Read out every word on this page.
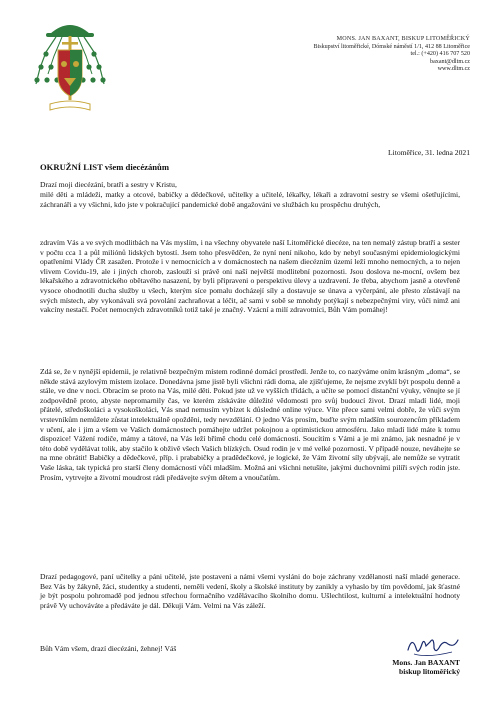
MONS. JAN BAXANT, BISKUP LITOMĚŘICKÝ
Biskupství litoměřické, Dómské náměstí 1/1, 412 88 Litoměřice
tel.: (+420) 416 707 520
baxant@dltm.cz
www.dltm.cz
Litoměřice, 31. ledna 2021
OKRUŽNÍ LIST všem diecézánům
Drazí moji diecézání, bratři a sestry v Kristu,

milé děti a mládeži, matky a otcové, babičky a dědečkové, učitelky a učitelé, lékařky, lékaři a zdravotní sestry se všemi ošetřujícími, záchranáři a vy všichni, kdo jste v pokračující pandemické době angažováni ve službách ku prospěchu druhých,

zdravím Vás a ve svých modlitbách na Vás myslím, i na všechny obyvatele naší Litoměřické diecéze, na ten nemalý zástup bratří a sester v počtu cca 1 a půl miliónů lidských bytostí. Jsem toho přesvědčen, že nyní není nikoho, kdo by nebyl současnými epidemiologickými opatřeními Vlády ČR zasažen. Protože i v nemocnicích a v domácnostech na našem diecézním území leží mnoho nemocných, a to nejen vlivem Covidu-19, ale i jiných chorob, zaslouží si právě oni naší největší modlitební pozornosti. Jsou doslova ne-mocní, ovšem bez lékařského a zdravotnického obětavého nasazení, by byli připraveni o perspektivu úlevy a uzdravení. Je třeba, abychom jasně a otevřeně vysoce ohodnotili ducha služby u všech, kterým síce pomalu docházejí síly a dostavuje se únava a vyčerpání, ale přesto zůstávají na svých místech, aby vykonávali svá povolání zachraňovat a léčit, ač sami v sobě se mnohdy potýkají s nebezpečnými viry, vůči nimž ani vakcíny nestačí. Počet nemocných zdravotníků totiž také je značný. Vzácní a milí zdravotníci, Bůh Vám pomáhej!

Zdá se, že v nynější epidemii, je relativně bezpečným místem rodinné domácí prostředí. Jenže to, co nazýváme oním krásným „doma“, se někde stává azylovým místem izolace. Donedávna jsme jistě byli všichni rádi doma, ale zjišťujeme, že nejsme zvyklí být pospolu denně a stále, ve dne v noci. Obracím se proto na Vás, milé děti. Pokud jste už ve vyšších třídách, a učíte se pomocí distanční výuky, věnujte se jí zodpovědně proto, abyste nepromarnily čas, ve kterém získáváte důležité vědomosti pro svůj budoucí život. Drazí mladí lidé, moji přátelé, středoškoláci a vysokoškoláci, Vás snad nemusím vybízet k důsledné online výuce. Víte přece sami velmi dobře, že vůči svým vrstevníkům nemůžete zůstat intelektuálně opožděni, tedy nevzdělání. O jedno Vás prosím, buďte svým mladším sourozencům příkladem v učení, ale i jim a všem ve Vašich domácnostech pomáhejte udržet pokojnou a optimistickou atmosféru. Jako mladí lidé máte k tomu dispozice! Vážení rodiče, mámy a tátové, na Vás leží břímě chodu celé domácnosti. Soucítím s Vámi a je mi známo, jak nesnadné je v této době vydělávat tolik, aby stačilo k obživě všech Vašich blízkých. Osud rodin je v mé velké pozornosti. V případě nouze, neváhejte se na mne obrátit! Babičky a dědečkové, příp. i prababičky a pradědečkové, je logické, že Vám životní síly ubývají, ale nemůže se vytratit Vaše láska, tak typická pro starší členy domácností vůči mladším. Možná ani všichni netušíte, jakými duchovními pilíři svých rodin jste. Prosím, vytrvejte a životní moudrost rádi předávejte svým dětem a vnoučatům.

Drazí pedagogové, paní učitelky a páni učitelé, jste postaveni a námi všemi vysláni do boje záchrany vzdělanosti naší mladé generace. Bez Vás by žákyně, žáci, studentky a studenti, neměli vedení, školy a školské instituty by zanikly a vyhaslo by tím povědomí, jak šťastné je být pospolu pohromadě pod jednou střechou formačního vzdělávacího školního domu. Ušlechtilost, kulturní a intelektuální hodnoty právě Vy uchováváte a předáváte je dál. Děkuji Vám. Velmi na Vás záleží.

Bůh Vám všem, drazí diecézáni, žehnej! Váš
Mons. Jan BAXANT
biskup litoměřický
